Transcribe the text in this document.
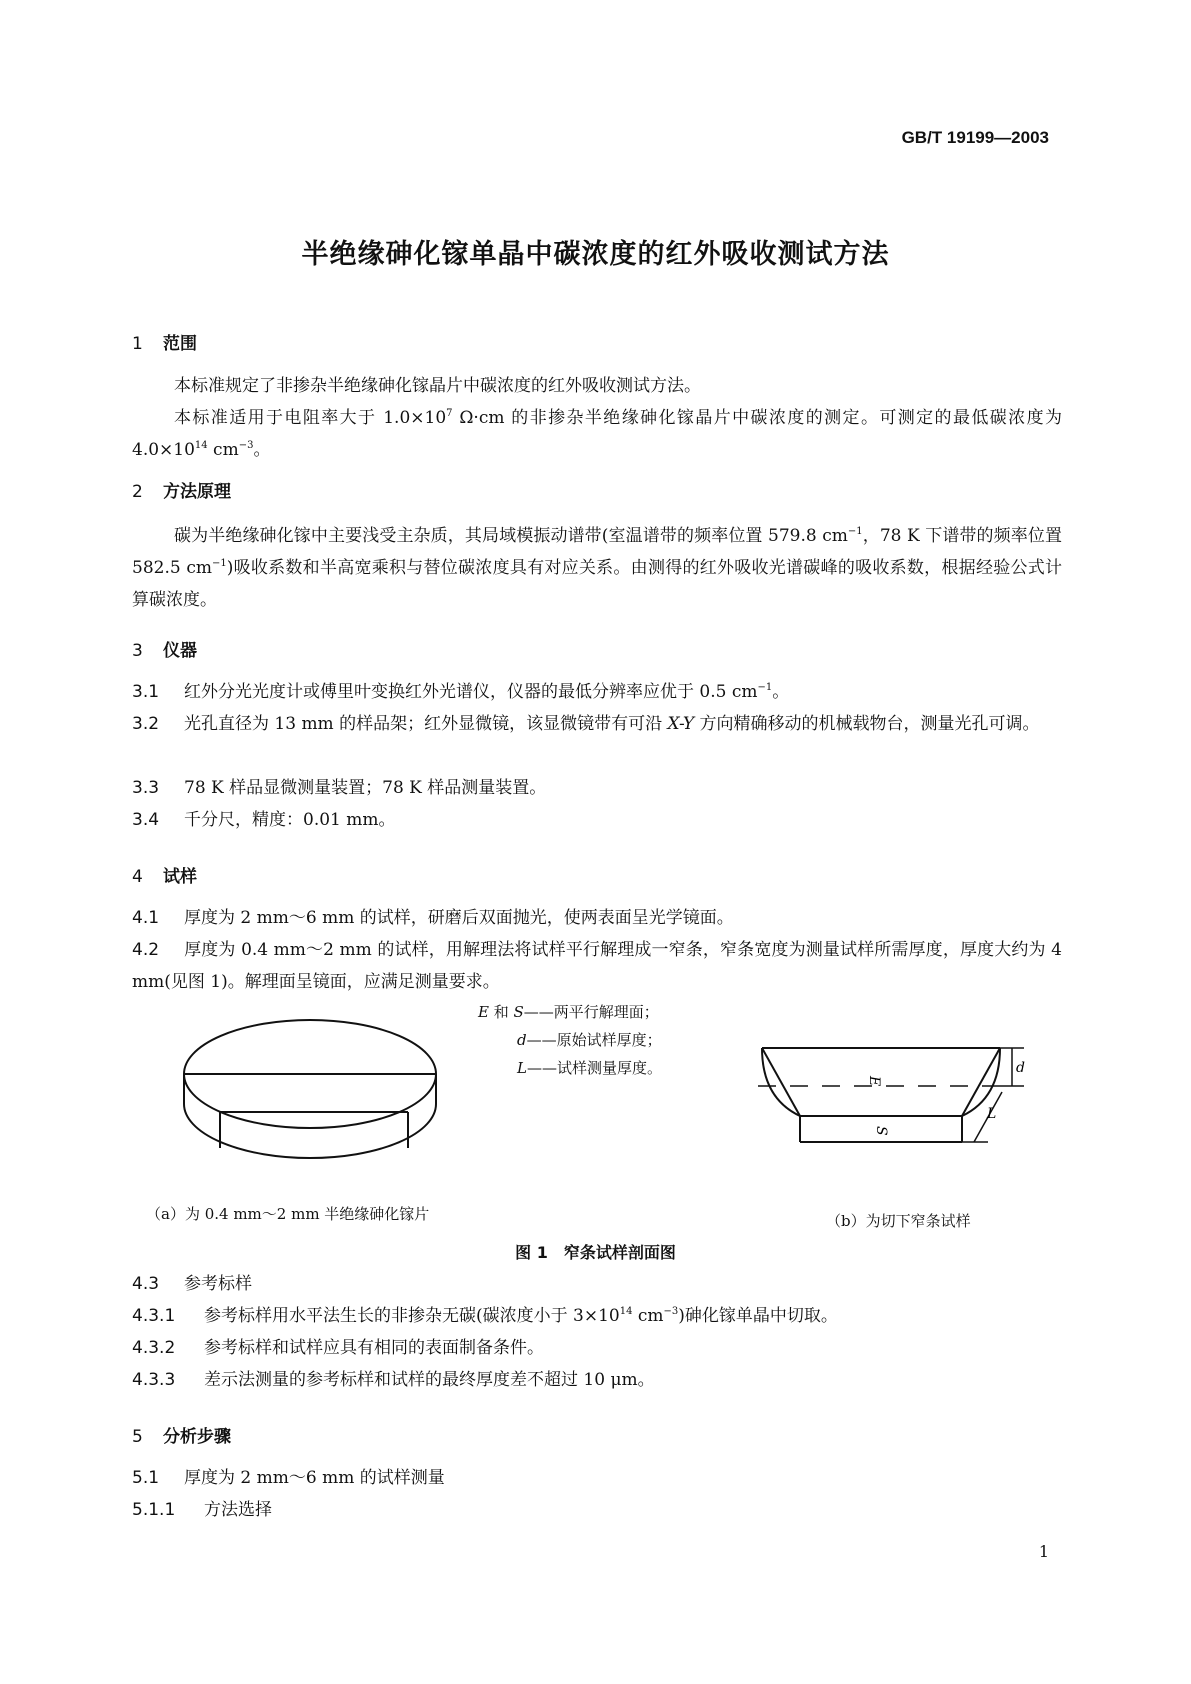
GB/T 19199—2003
半绝缘砷化镓单晶中碳浓度的红外吸收测试方法
1 范围
本标准规定了非掺杂半绝缘砷化镓晶片中碳浓度的红外吸收测试方法。
本标准适用于电阻率大于 $1.0\times 10^7$ Ω·cm 的非掺杂半绝缘砷化镓晶片中碳浓度的测定。可测定的最低碳浓度为 $4.0\times 10^{14}$ $cm^{-3}$。
2 方法原理
碳为半绝缘砷化镓中主要浅受主杂质，其局域模振动谱带(室温谱带的频率位置 579.8 $cm^{-1}$，78 K 下谱带的频率位置 582.5 $cm^{-1}$)吸收系数和半高宽乘积与替位碳浓度具有对应关系。由测得的红外吸收光谱碳峰的吸收系数，根据经验公式计算碳浓度。
3 仪器
3.1 红外分光光度计或傅里叶变换红外光谱仪，仪器的最低分辨率应优于 0.5 $cm^{-1}$。
3.2 光孔直径为 13 mm 的样品架；红外显微镜，该显微镜带有可沿 X-Y 方向精确移动的机械载物台，测量光孔可调。
3.3 78 K 样品显微测量装置；78 K 样品测量装置。
3.4 千分尺，精度：0.01 mm。
4 试样
4.1 厚度为 2 mm～6 mm 的试样，研磨后双面抛光，使两表面呈光学镜面。
4.2 厚度为 0.4 mm～2 mm 的试样，用解理法将试样平行解理成一窄条，窄条宽度为测量试样所需厚度，厚度大约为 4 mm(见图 1)。解理面呈镜面，应满足测量要求。
E 和 S——两平行解理面；
d——原始试样厚度；
L——试样测量厚度。
E
S
d
L
（a）为 0.4 mm～2 mm 半绝缘砷化镓片	（b）为切下窄条试样
图 1　窄条试样剖面图
4.3 参考标样
4.3.1 参考标样用水平法生长的非掺杂无碳(碳浓度小于 $3\times 10^{14}$ $cm^{-3}$)砷化镓单晶中切取。
4.3.2 参考标样和试样应具有相同的表面制备条件。
4.3.3 差示法测量的参考标样和试样的最终厚度差不超过 10 μm。
5 分析步骤
5.1 厚度为 2 mm～6 mm 的试样测量
5.1.1 方法选择
1
